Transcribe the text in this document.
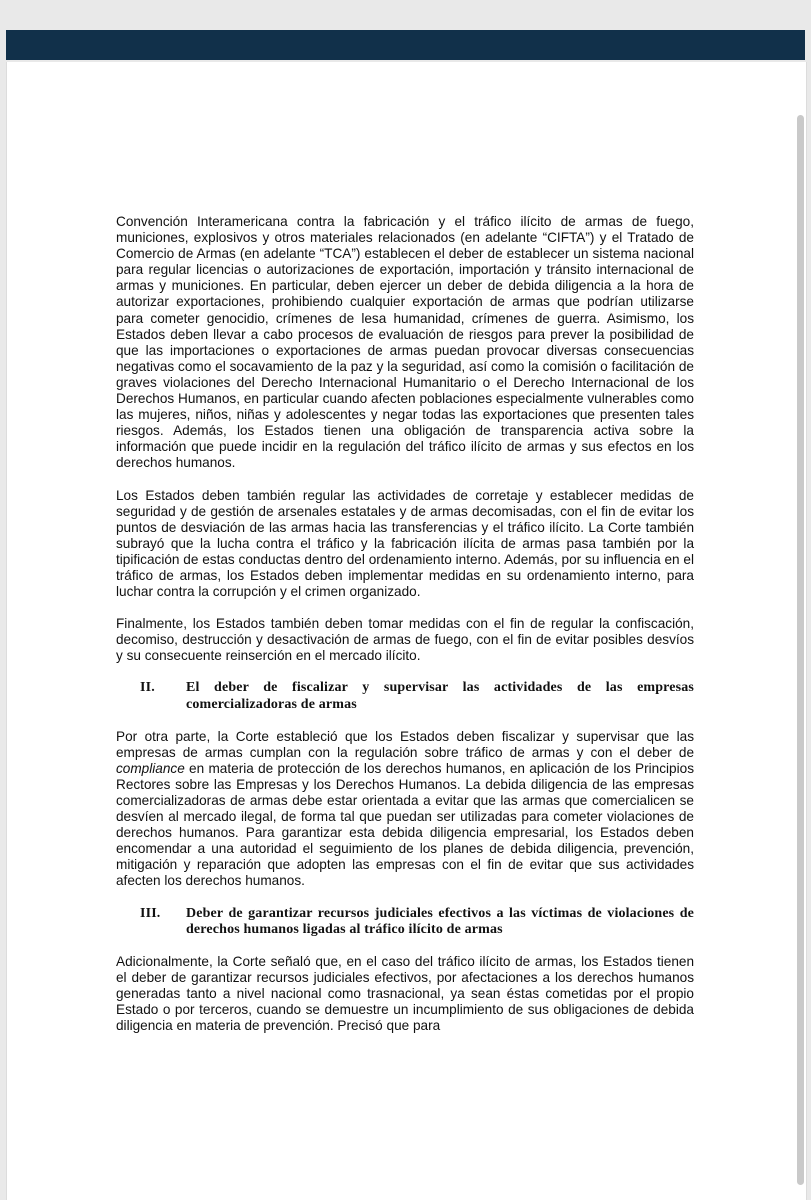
Convención Interamericana contra la fabricación y el tráfico ilícito de armas de fuego, municiones, explosivos y otros materiales relacionados (en adelante “CIFTA”) y el Tratado de Comercio de Armas (en adelante “TCA”) establecen el deber de establecer un sistema nacional para regular licencias o autorizaciones de exportación, importación y tránsito internacional de armas y municiones. En particular, deben ejercer un deber de debida diligencia a la hora de autorizar exportaciones, prohibiendo cualquier exportación de armas que podrían utilizarse para cometer genocidio, crímenes de lesa humanidad, crímenes de guerra. Asimismo, los Estados deben llevar a cabo procesos de evaluación de riesgos para prever la posibilidad de que las importaciones o exportaciones de armas puedan provocar diversas consecuencias negativas como el socavamiento de la paz y la seguridad, así como la comisión o facilitación de graves violaciones del Derecho Internacional Humanitario o el Derecho Internacional de los Derechos Humanos, en particular cuando afecten poblaciones especialmente vulnerables como las mujeres, niños, niñas y adolescentes y negar todas las exportaciones que presenten tales riesgos. Además, los Estados tienen una obligación de transparencia activa sobre la información que puede incidir en la regulación del tráfico ilícito de armas y sus efectos en los derechos humanos.

Los Estados deben también regular las actividades de corretaje y establecer medidas de seguridad y de gestión de arsenales estatales y de armas decomisadas, con el fin de evitar los puntos de desviación de las armas hacia las transferencias y el tráfico ilícito. La Corte también subrayó que la lucha contra el tráfico y la fabricación ilícita de armas pasa también por la tipificación de estas conductas dentro del ordenamiento interno. Además, por su influencia en el tráfico de armas, los Estados deben implementar medidas en su ordenamiento interno, para luchar contra la corrupción y el crimen organizado.

Finalmente, los Estados también deben tomar medidas con el fin de regular la confiscación, decomiso, destrucción y desactivación de armas de fuego, con el fin de evitar posibles desvíos y su consecuente reinserción en el mercado ilícito.

II.	El deber de fiscalizar y supervisar las actividades de las empresas comercializadoras de armas

Por otra parte, la Corte estableció que los Estados deben fiscalizar y supervisar que las empresas de armas cumplan con la regulación sobre tráfico de armas y con el deber de compliance en materia de protección de los derechos humanos, en aplicación de los Principios Rectores sobre las Empresas y los Derechos Humanos. La debida diligencia de las empresas comercializadoras de armas debe estar orientada a evitar que las armas que comercialicen se desvíen al mercado ilegal, de forma tal que puedan ser utilizadas para cometer violaciones de derechos humanos. Para garantizar esta debida diligencia empresarial, los Estados deben encomendar a una autoridad el seguimiento de los planes de debida diligencia, prevención, mitigación y reparación que adopten las empresas con el fin de evitar que sus actividades afecten los derechos humanos.

III.	Deber de garantizar recursos judiciales efectivos a las víctimas de violaciones de derechos humanos ligadas al tráfico ilícito de armas

Adicionalmente, la Corte señaló que, en el caso del tráfico ilícito de armas, los Estados tienen el deber de garantizar recursos judiciales efectivos, por afectaciones a los derechos humanos generadas tanto a nivel nacional como trasnacional, ya sean éstas cometidas por el propio Estado o por terceros, cuando se demuestre un incumplimiento de sus obligaciones de debida diligencia en materia de prevención. Precisó que para
